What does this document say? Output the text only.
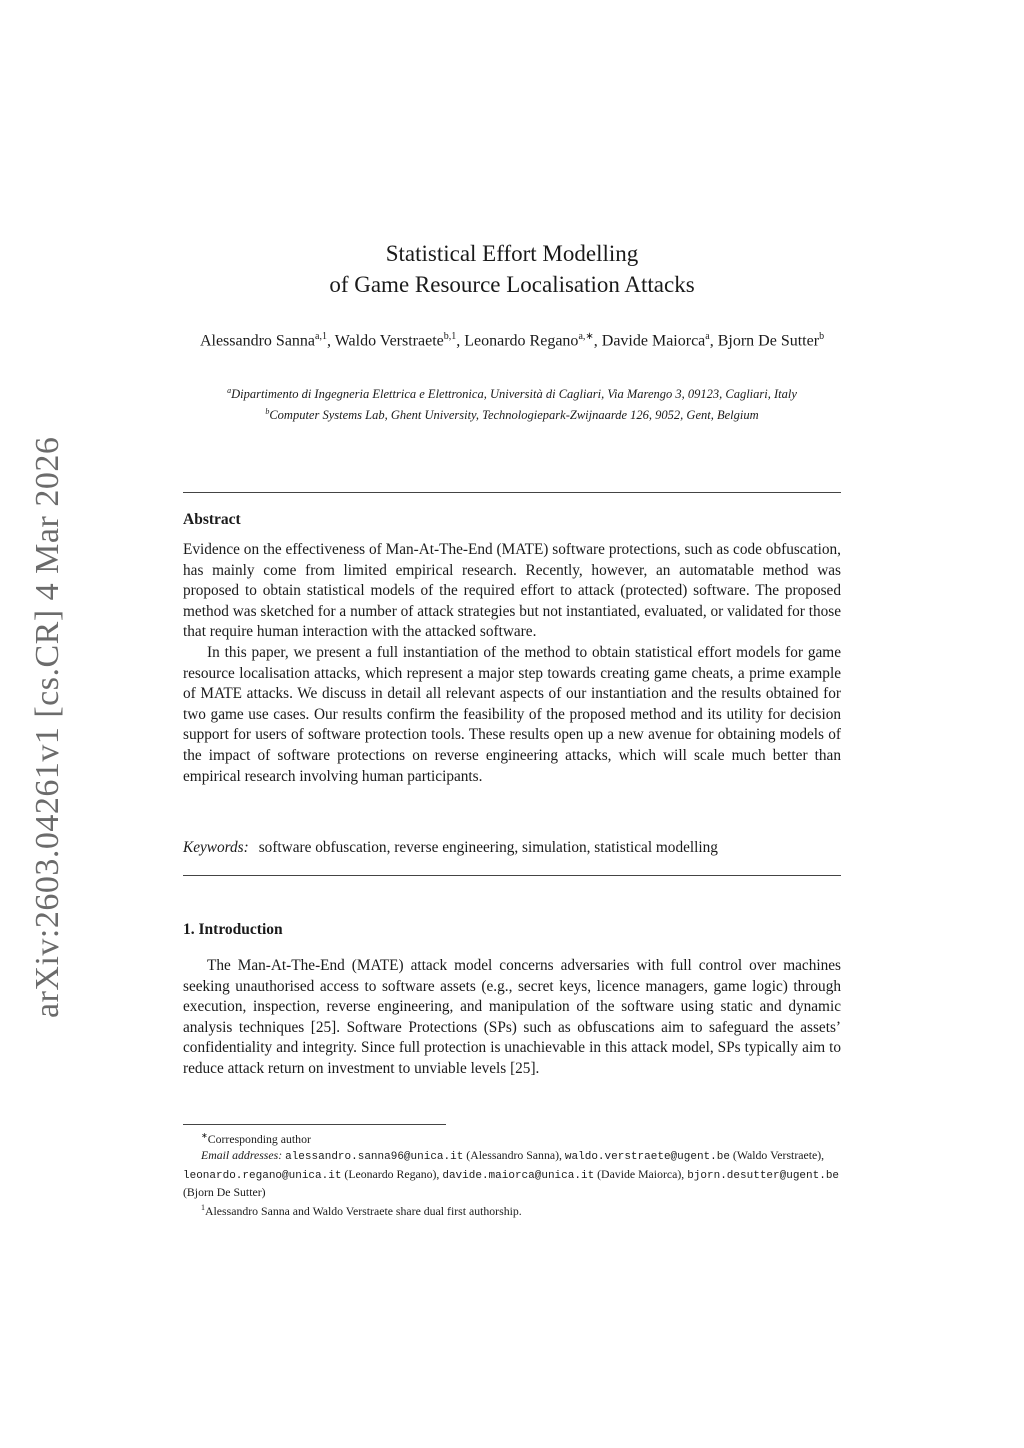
arXiv:2603.04261v1 [cs.CR] 4 Mar 2026
Statistical Effort Modelling
of Game Resource Localisation Attacks
Alessandro Sanna$^{a,1}$, Waldo Verstraete$^{b,1}$, Leonardo Regano$^{a,∗}$, Davide Maiorca$^a$, Bjorn De Sutter$^b$
$^a$Dipartimento di Ingegneria Elettrica e Elettronica, Università di Cagliari, Via Marengo 3, 09123, Cagliari, Italy
$^b$Computer Systems Lab, Ghent University, Technologiepark-Zwijnaarde 126, 9052, Gent, Belgium
Abstract

Evidence on the effectiveness of Man-At-The-End (MATE) software protections, such as code obfuscation, has mainly come from limited empirical research. Recently, however, an automatable method was proposed to obtain statistical models of the required effort to attack (protected) software. The proposed method was sketched for a number of attack strategies but not instantiated, evaluated, or validated for those that require human interaction with the attacked software.

In this paper, we present a full instantiation of the method to obtain statistical effort models for game resource localisation attacks, which represent a major step towards creating game cheats, a prime example of MATE attacks. We discuss in detail all relevant aspects of our instantiation and the results obtained for two game use cases. Our results confirm the feasibility of the proposed method and its utility for decision support for users of software protection tools. These results open up a new avenue for obtaining models of the impact of software protections on reverse engineering attacks, which will scale much better than empirical research involving human participants.

Keywords: software obfuscation, reverse engineering, simulation, statistical modelling
1. Introduction

The Man-At-The-End (MATE) attack model concerns adversaries with full control over machines seeking unauthorised access to software assets (e.g., secret keys, licence managers, game logic) through execution, inspection, reverse engineering, and manipulation of the software using static and dynamic analysis techniques [25]. Software Protections (SPs) such as obfuscations aim to safeguard the assets’ confidentiality and integrity. Since full protection is unachievable in this attack model, SPs typically aim to reduce attack return on investment to unviable levels [25].

∗Corresponding author

Email addresses: alessandro.sanna96@unica.it (Alessandro Sanna), waldo.verstraete@ugent.be (Waldo Verstraete), leonardo.regano@unica.it (Leonardo Regano), davide.maiorca@unica.it (Davide Maiorca), bjorn.desutter@ugent.be (Bjorn De Sutter)

$^1$Alessandro Sanna and Waldo Verstraete share dual first authorship.
